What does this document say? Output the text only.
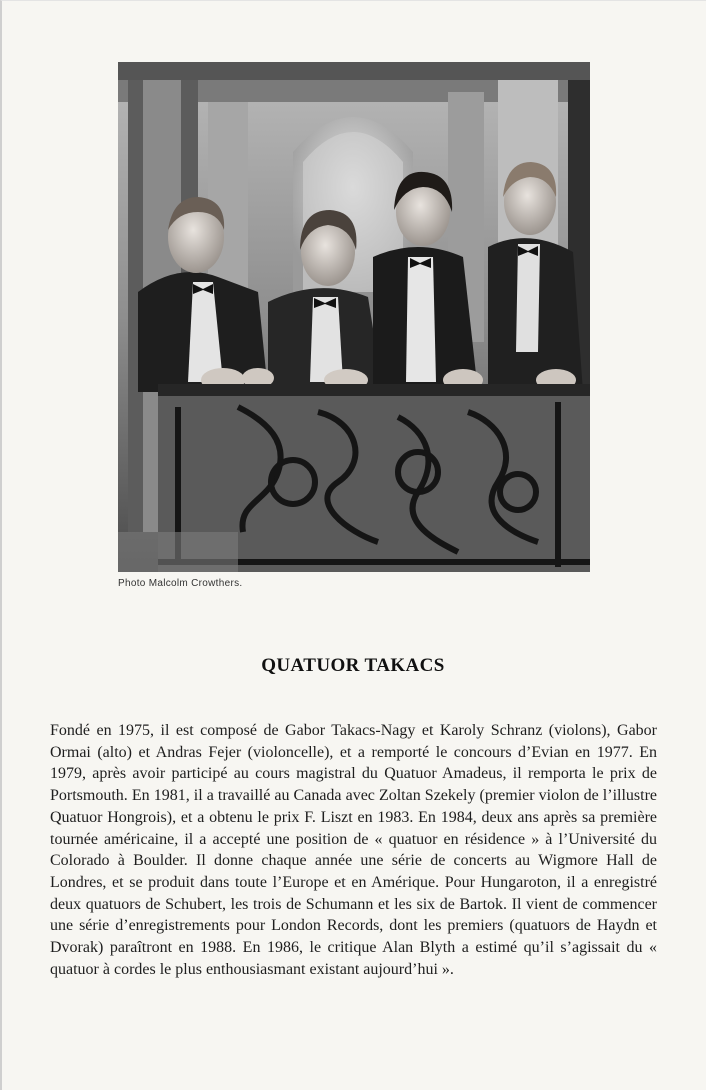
Photo Malcolm Crowthers.
QUATUOR TAKACS

Fondé en 1975, il est composé de Gabor Takacs-Nagy et Karoly Schranz (violons), Gabor Ormai (alto) et Andras Fejer (violoncelle), et a remporté le concours d’Evian en 1977. En 1979, après avoir participé au cours magistral du Quatuor Amadeus, il remporta le prix de Portsmouth. En 1981, il a travaillé au Canada avec Zoltan Szekely (premier violon de l’illustre Quatuor Hongrois), et a obtenu le prix F. Liszt en 1983. En 1984, deux ans après sa première tournée américaine, il a accepté une position de « quatuor en résidence » à l’Université du Colorado à Boulder. Il donne chaque année une série de concerts au Wigmore Hall de Londres, et se produit dans toute l’Europe et en Amérique. Pour Hungaroton, il a enregistré deux quatuors de Schubert, les trois de Schumann et les six de Bartok. Il vient de commencer une série d’enregistrements pour London Records, dont les premiers (quatuors de Haydn et Dvorak) paraîtront en 1988. En 1986, le critique Alan Blyth a estimé qu’il s’agissait du « quatuor à cordes le plus enthousiasmant existant aujourd’hui ».
